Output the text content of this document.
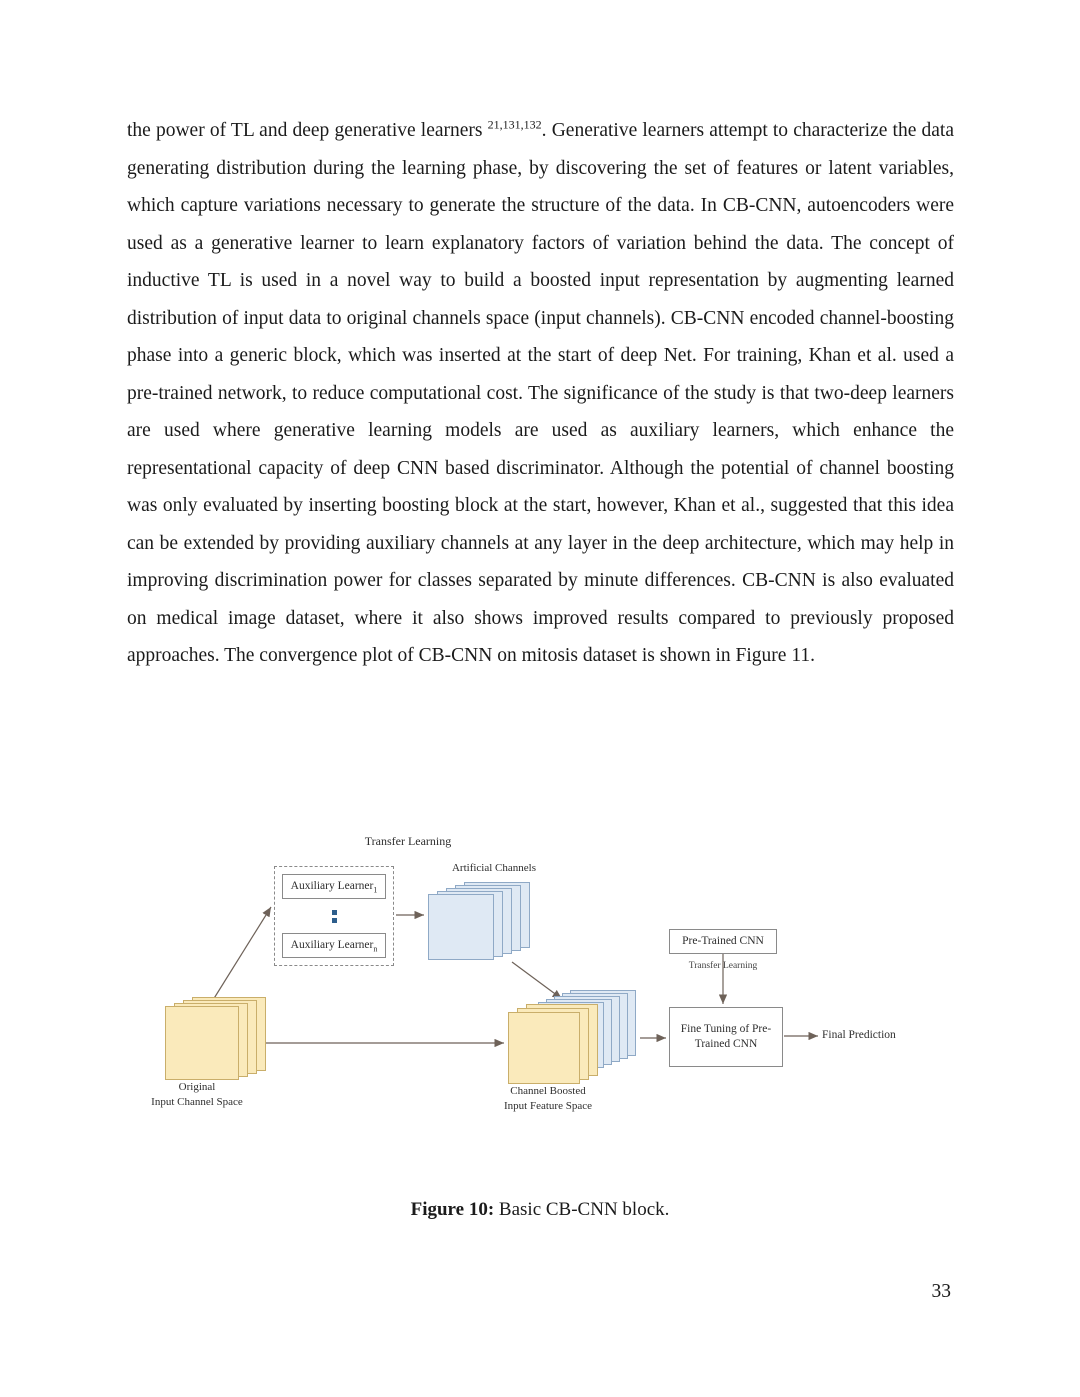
the power of TL and deep generative learners $^{21,131,132}$. Generative learners attempt to characterize the data generating distribution during the learning phase, by discovering the set of features or latent variables, which capture variations necessary to generate the structure of the data. In CB-CNN, autoencoders were used as a generative learner to learn explanatory factors of variation behind the data. The concept of inductive TL is used in a novel way to build a boosted input representation by augmenting learned distribution of input data to original channels space (input channels). CB-CNN encoded channel-boosting phase into a generic block, which was inserted at the start of deep Net. For training, Khan et al. used a pre-trained network, to reduce computational cost. The significance of the study is that two-deep learners are used where generative learning models are used as auxiliary learners, which enhance the representational capacity of deep CNN based discriminator. Although the potential of channel boosting was only evaluated by inserting boosting block at the start, however, Khan et al., suggested that this idea can be extended by providing auxiliary channels at any layer in the deep architecture, which may help in improving discrimination power for classes separated by minute differences. CB-CNN is also evaluated on medical image dataset, where it also shows improved results compared to previously proposed approaches. The convergence plot of CB-CNN on mitosis dataset is shown in Figure 11.

Transfer Learning
Auxiliary Learner$_1$
Auxiliary Learner$_n$
Artificial Channels
Original
Input Channel Space
Channel Boosted
Input Feature Space
Pre-Trained CNN
Transfer Learning
Fine Tuning of Pre-
Trained CNN
Final Prediction
Figure 10: Basic CB-CNN block.
33
